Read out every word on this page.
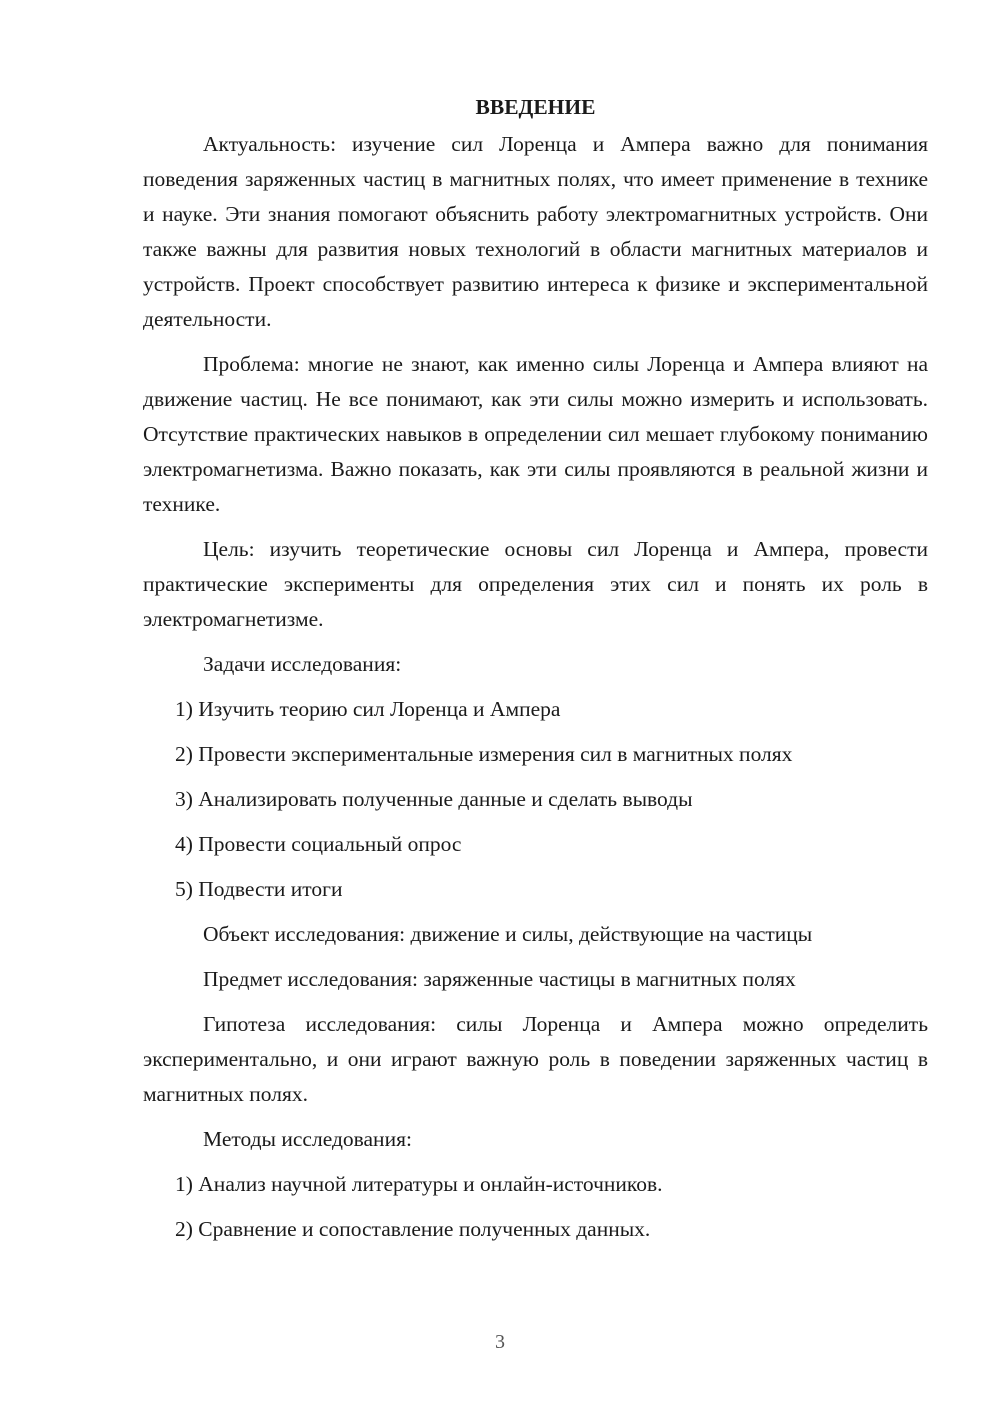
ВВЕДЕНИЕ

Актуальность: изучение сил Лоренца и Ампера важно для понимания поведения заряженных частиц в магнитных полях, что имеет применение в технике и науке. Эти знания помогают объяснить работу электромагнитных устройств. Они также важны для развития новых технологий в области магнитных материалов и устройств. Проект способствует развитию интереса к физике и экспериментальной деятельности.

Проблема: многие не знают, как именно силы Лоренца и Ампера влияют на движение частиц. Не все понимают, как эти силы можно измерить и использовать. Отсутствие практических навыков в определении сил мешает глубокому пониманию электромагнетизма. Важно показать, как эти силы проявляются в реальной жизни и технике.

Цель: изучить теоретические основы сил Лоренца и Ампера, провести практические эксперименты для определения этих сил и понять их роль в электромагнетизме.

Задачи исследования:

1) Изучить теорию сил Лоренца и Ампера

2) Провести экспериментальные измерения сил в магнитных полях

3) Анализировать полученные данные и сделать выводы

4) Провести социальный опрос

5) Подвести итоги

Объект исследования: движение и силы, действующие на частицы

Предмет исследования: заряженные частицы в магнитных полях

Гипотеза исследования: силы Лоренца и Ампера можно определить экспериментально, и они играют важную роль в поведении заряженных частиц в магнитных полях.

Методы исследования:

1) Анализ научной литературы и онлайн-источников.

2) Сравнение и сопоставление полученных данных.

3
